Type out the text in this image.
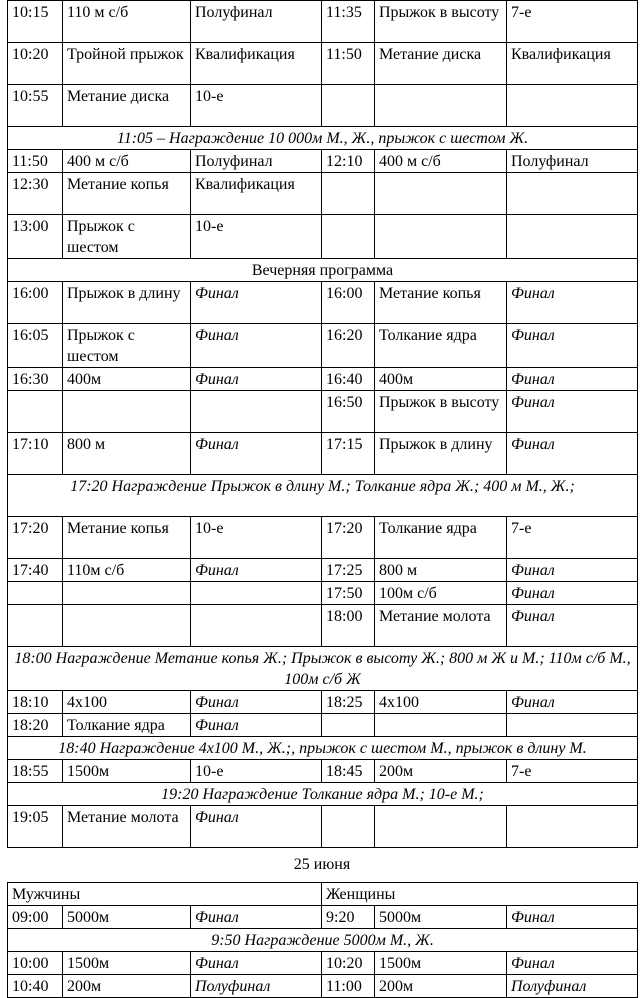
10:15	110 м с/б	Полуфинал	11:35	Прыжок в высоту	7-е
10:20	Тройной прыжок	Квалификация	11:50	Метание диска	Квалификация
10:55	Метание диска	10-е			
11:05 – Награждение 10 000м М., Ж., прыжок с шестом Ж.					
11:50	400 м с/б	Полуфинал	12:10	400 м с/б	Полуфинал
12:30	Метание копья	Квалификация			
13:00	Прыжок с шестом	10-е			
Вечерняя программа					
16:00	Прыжок в длину	Финал	16:00	Метание копья	Финал
16:05	Прыжок с шестом	Финал	16:20	Толкание ядра	Финал
16:30	400м	Финал	16:40	400м	Финал
			16:50	Прыжок в высоту	Финал
17:10	800 м	Финал	17:15	Прыжок в длину	Финал
17:20 Награждение Прыжок в длину М.; Толкание ядра Ж.; 400 м М., Ж.;					
17:20	Метание копья	10-е	17:20	Толкание ядра	7-е
17:40	110м с/б	Финал	17:25	800 м	Финал
			17:50	100м с/б	Финал
			18:00	Метание молота	Финал
18:00 Награждение Метание копья Ж.; Прыжок в высоту Ж.; 800 м Ж и М.; 110м с/б М., 100м с/б Ж					
18:10	4х100	Финал	18:25	4х100	Финал
18:20	Толкание ядра	Финал			
18:40 Награждение 4х100 М., Ж.;, прыжок с шестом М., прыжок в длину М.					
18:55	1500м	10-е	18:45	200м	7-е
19:20 Награждение Толкание ядра М.; 10-е М.;					
19:05	Метание молота	Финал			
25 июня
Мужчины			Женщины		
09:00	5000м	Финал	9:20	5000м	Финал
9:50 Награждение 5000м М., Ж.					
10:00	1500м	Финал	10:20	1500м	Финал
10:40	200м	Полуфинал	11:00	200м	Полуфинал
